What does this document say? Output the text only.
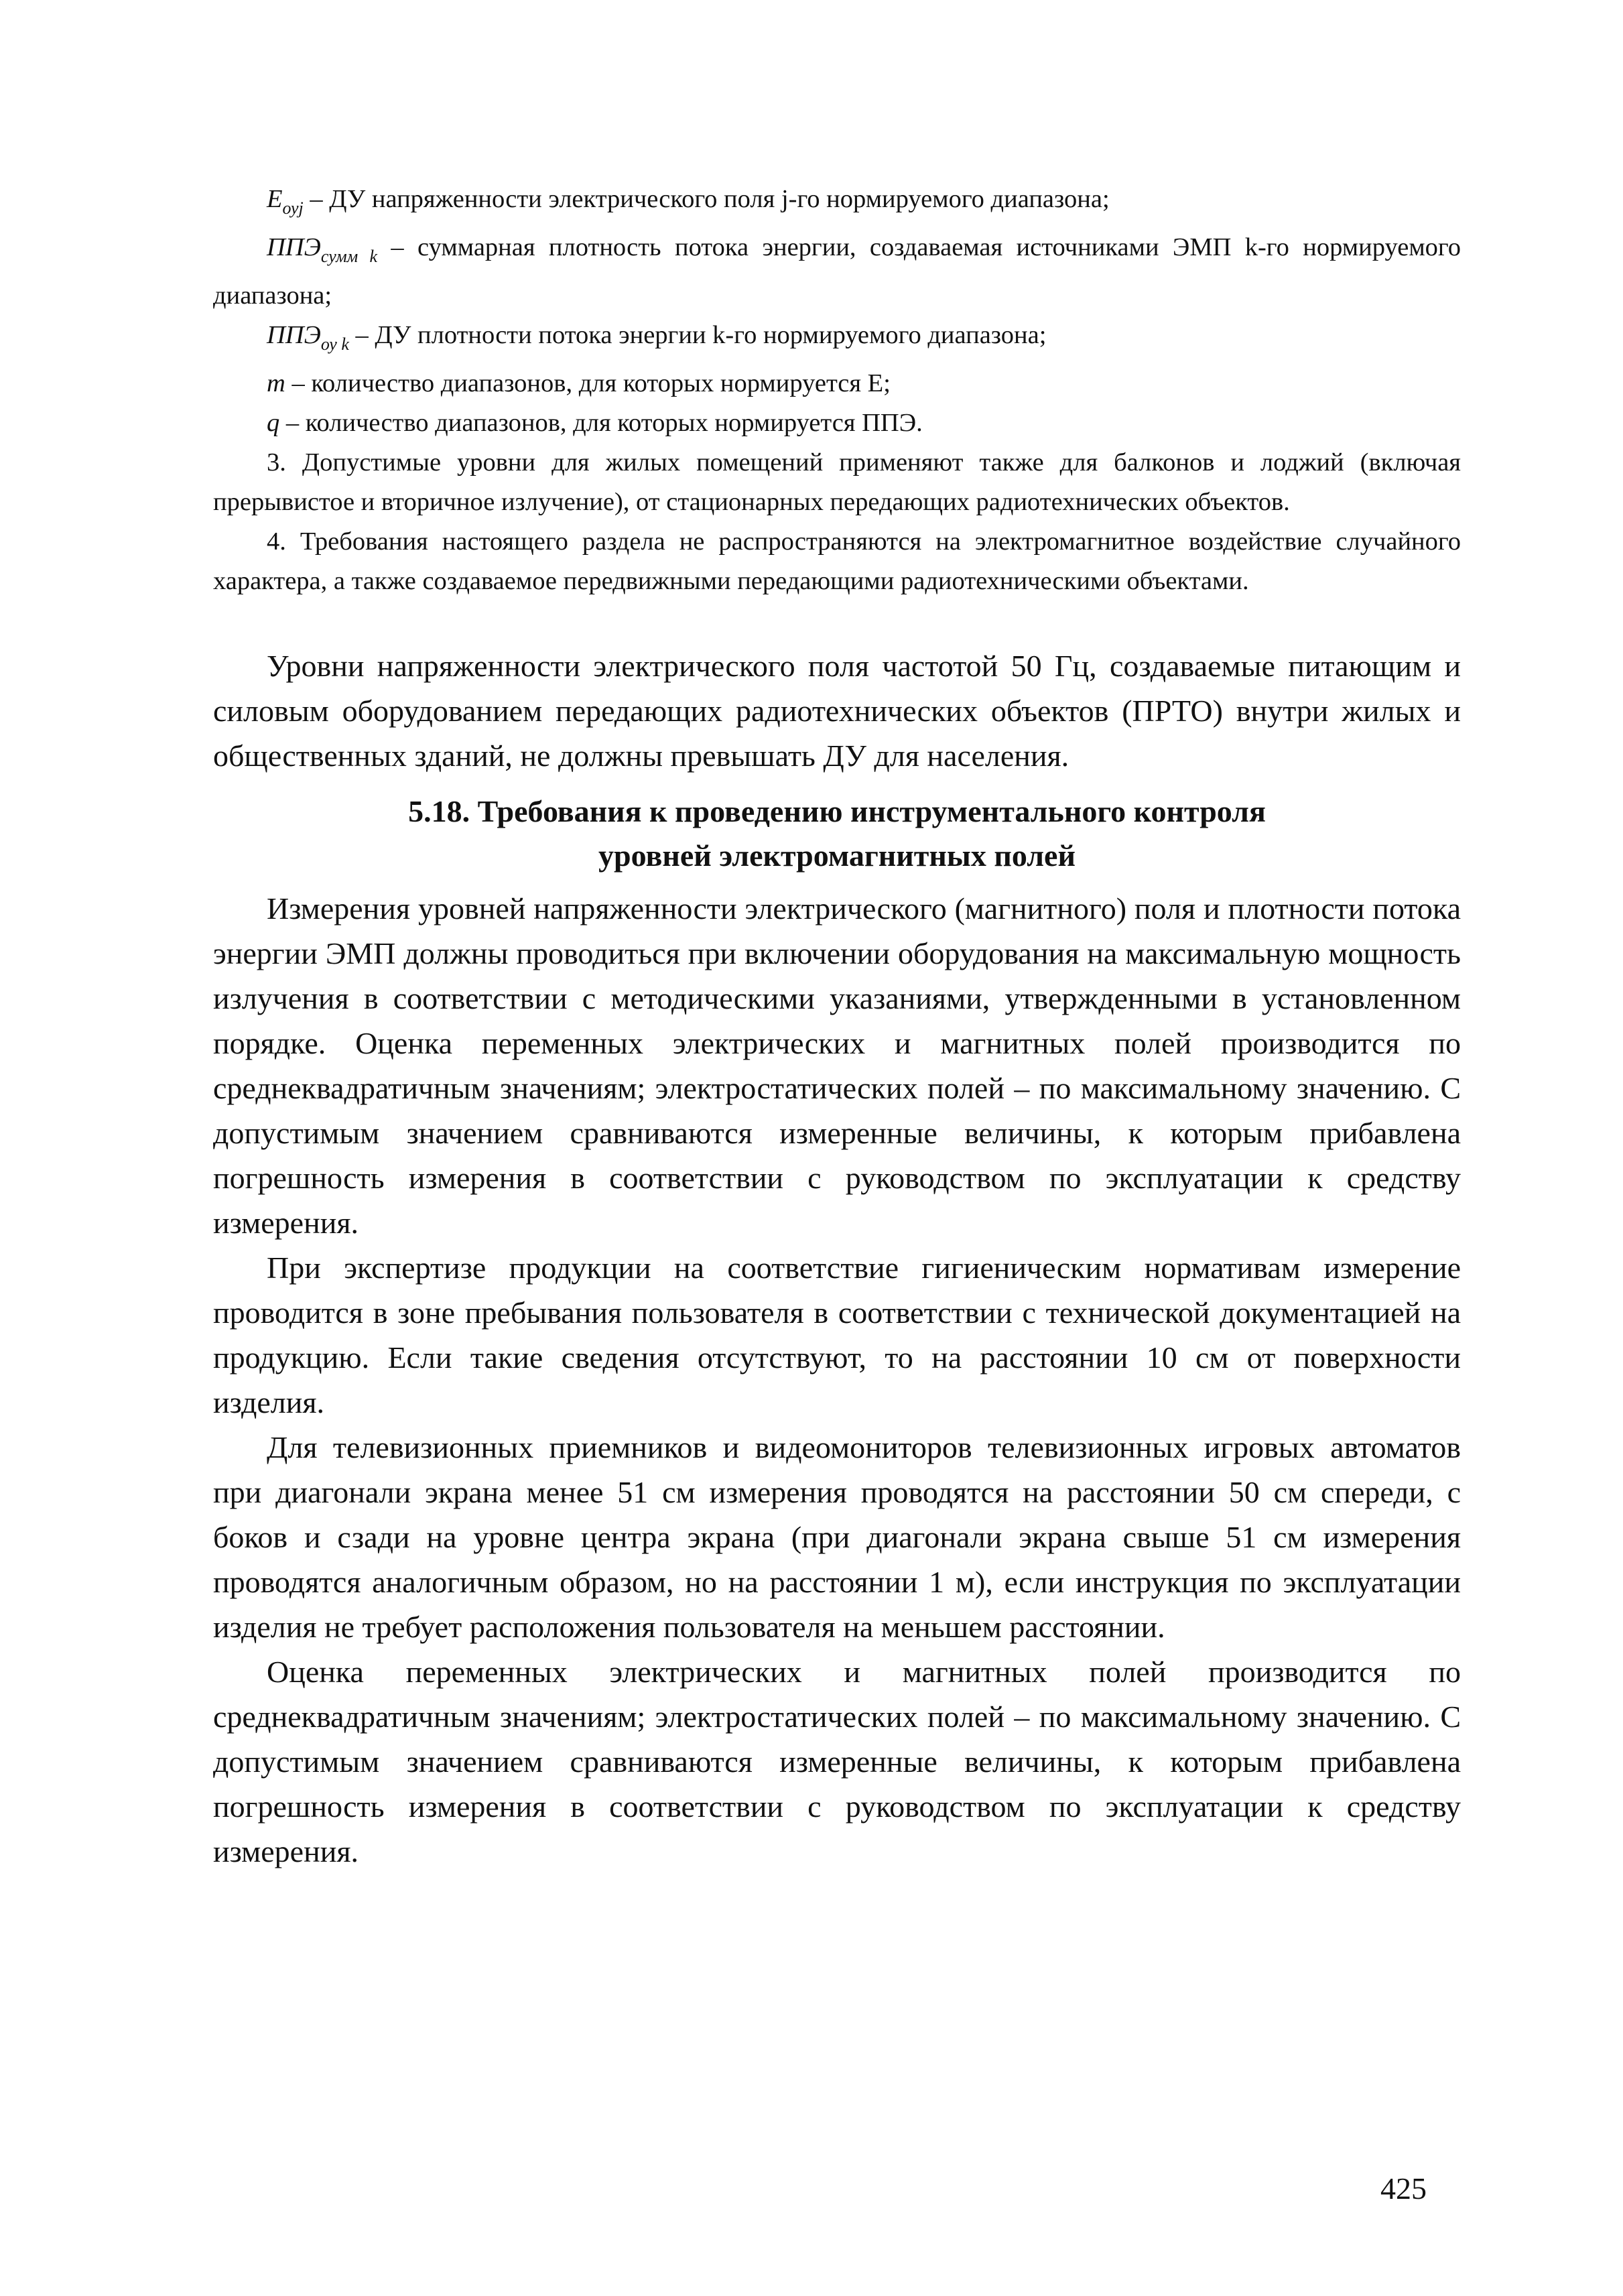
$E_{оуj}$ – ДУ напряженности электрического поля j-го нормируемого диапазона;

$ППЭ_{сумм k}$ – суммарная плотность потока энергии, создаваемая источниками ЭМП k-го нормируемого диапазона;

$ППЭ_{оу k}$ – ДУ плотности потока энергии k-го нормируемого диапазона;

m – количество диапазонов, для которых нормируется Е;

q – количество диапазонов, для которых нормируется ППЭ.

3. Допустимые уровни для жилых помещений применяют также для балконов и лоджий (включая прерывистое и вторичное излучение), от стационарных передающих радиотехнических объектов.

4. Требования настоящего раздела не распространяются на электромагнитное воздействие случайного характера, а также создаваемое передвижными передающими радиотехническими объектами.

Уровни напряженности электрического поля частотой 50 Гц, создаваемые питающим и силовым оборудованием передающих радиотехнических объектов (ПРТО) внутри жилых и общественных зданий, не должны превышать ДУ для населения.

5.18. Требования к проведению инструментального контроля
уровней электромагнитных полей

Измерения уровней напряженности электрического (магнитного) поля и плотности потока энергии ЭМП должны проводиться при включении оборудования на максимальную мощность излучения в соответствии с методическими указаниями, утвержденными в установленном порядке. Оценка переменных электрических и магнитных полей производится по среднеквадратичным значениям; электростатических полей – по максимальному значению. С допустимым значением сравниваются измеренные величины, к которым прибавлена погрешность измерения в соответствии с руководством по эксплуатации к средству измерения.

При экспертизе продукции на соответствие гигиеническим нормативам измерение проводится в зоне пребывания пользователя в соответствии с технической документацией на продукцию. Если такие сведения отсутствуют, то на расстоянии 10 см от поверхности изделия.

Для телевизионных приемников и видеомониторов телевизионных игровых автоматов при диагонали экрана менее 51 см измерения проводятся на расстоянии 50 см спереди, с боков и сзади на уровне центра экрана (при диагонали экрана свыше 51 см измерения проводятся аналогичным образом, но на расстоянии 1 м), если инструкция по эксплуатации изделия не требует расположения пользователя на меньшем расстоянии.

Оценка переменных электрических и магнитных полей производится по среднеквадратичным значениям; электростатических полей – по максимальному значению. С допустимым значением сравниваются измеренные величины, к которым прибавлена погрешность измерения в соответствии с руководством по эксплуатации к средству измерения.

425
